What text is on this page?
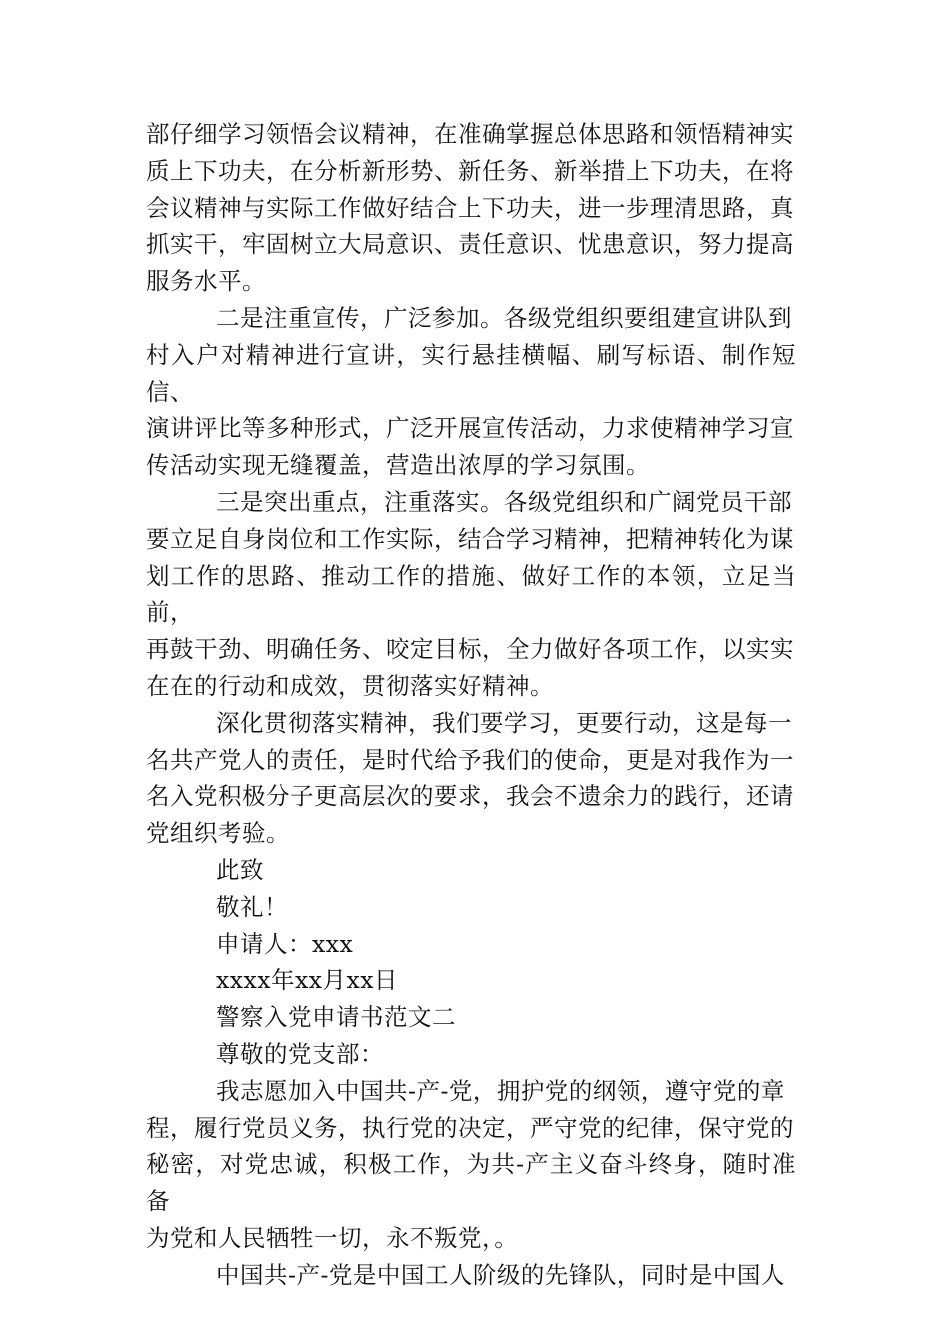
部仔细学习领悟会议精神，在准确掌握总体思路和领悟精神实
质上下功夫，在分析新形势、新任务、新举措上下功夫，在将
会议精神与实际工作做好结合上下功夫，进一步理清思路，真
抓实干，牢固树立大局意识、责任意识、忧患意识，努力提高
服务水平。

二是注重宣传，广泛参加。各级党组织要组建宣讲队到
村入户对精神进行宣讲，实行悬挂横幅、刷写标语、制作短信、
演讲评比等多种形式，广泛开展宣传活动，力求使精神学习宣
传活动实现无缝覆盖，营造出浓厚的学习氛围。

三是突出重点，注重落实。各级党组织和广阔党员干部
要立足自身岗位和工作实际，结合学习精神，把精神转化为谋
划工作的思路、推动工作的措施、做好工作的本领，立足当前，
再鼓干劲、明确任务、咬定目标，全力做好各项工作，以实实
在在的行动和成效，贯彻落实好精神。

深化贯彻落实精神，我们要学习，更要行动，这是每一
名共产党人的责任，是时代给予我们的使命，更是对我作为一
名入党积极分子更高层次的要求，我会不遗余力的践行，还请
党组织考验。

此致

敬礼！

申请人：xxx

xxxx年xx月xx日

警察入党申请书范文二

尊敬的党支部：

我志愿加入中国共-产-党，拥护党的纲领，遵守党的章
程，履行党员义务，执行党的决定，严守党的纪律，保守党的
秘密，对党忠诚，积极工作，为共-产主义奋斗终身，随时准备
为党和人民牺牲一切，永不叛党，。

中国共-产-党是中国工人阶级的先锋队，同时是中国人
